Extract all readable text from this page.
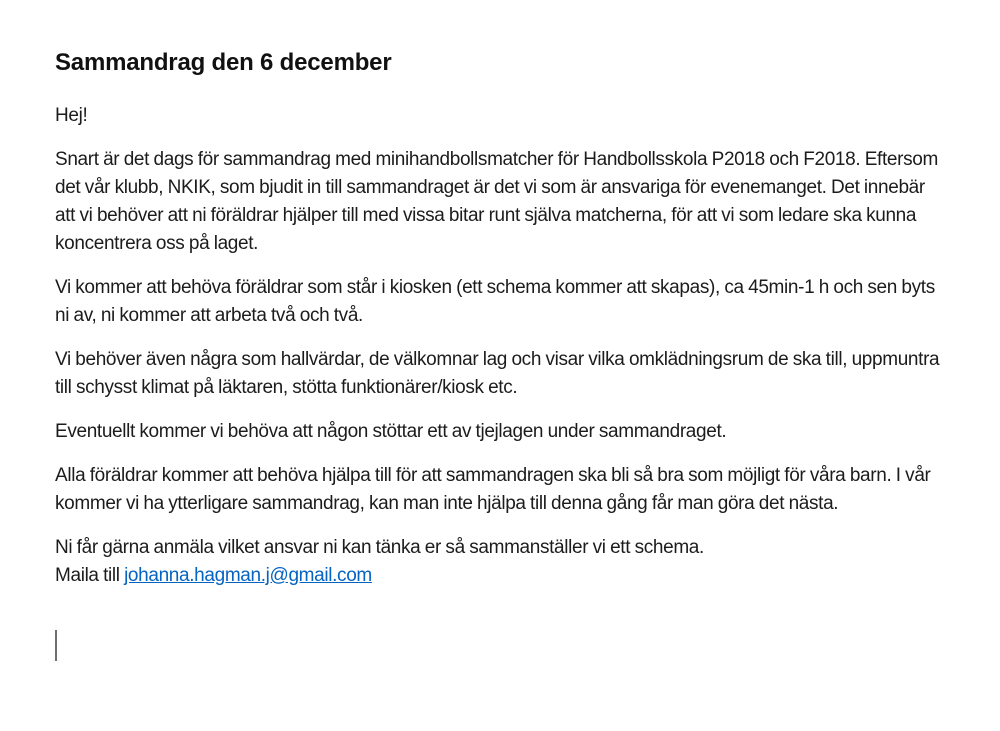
Sammandrag den 6 december

Hej!

Snart är det dags för sammandrag med minihandbollsmatcher för Handbollsskola P2018 och F2018. Eftersom det vår klubb, NKIK, som bjudit in till sammandraget är det vi som är ansvariga för evenemanget. Det innebär att vi behöver att ni föräldrar hjälper till med vissa bitar runt själva matcherna, för att vi som ledare ska kunna koncentrera oss på laget.

Vi kommer att behöva föräldrar som står i kiosken (ett schema kommer att skapas), ca 45min-1 h och sen byts ni av, ni kommer att arbeta två och två.

Vi behöver även några som hallvärdar, de välkomnar lag och visar vilka omklädningsrum de ska till, uppmuntra till schysst klimat på läktaren, stötta funktionärer/kiosk etc.

Eventuellt kommer vi behöva att någon stöttar ett av tjejlagen under sammandraget.

Alla föräldrar kommer att behöva hjälpa till för att sammandragen ska bli så bra som möjligt för våra barn. I vår kommer vi ha ytterligare sammandrag, kan man inte hjälpa till denna gång får man göra det nästa.

Ni får gärna anmäla vilket ansvar ni kan tänka er så sammanställer vi ett schema.
Maila till johanna.hagman.j@gmail.com
